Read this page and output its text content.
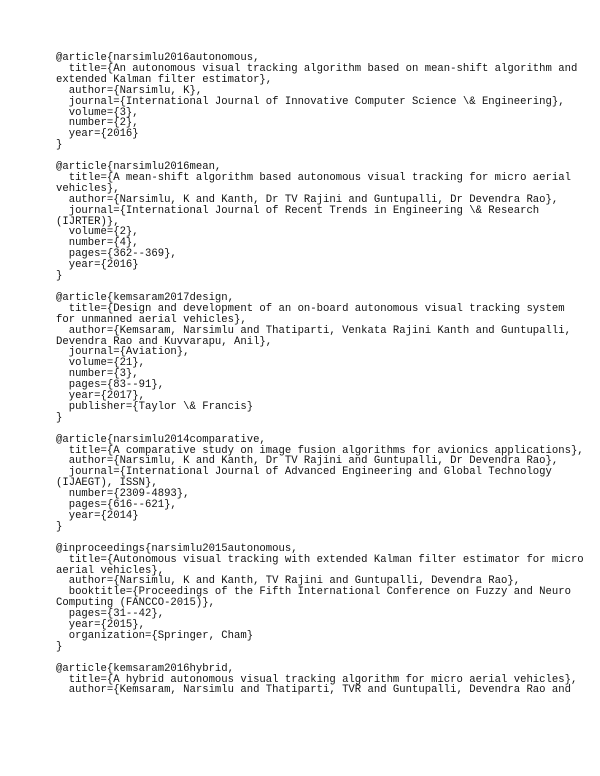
@article{narsimlu2016autonomous,
title={An autonomous visual tracking algorithm based on mean-shift algorithm and
extended Kalman filter estimator},
author={Narsimlu, K},
journal={International Journal of Innovative Computer Science \& Engineering},
volume={3},
number={2},
year={2016}
}
@article{narsimlu2016mean,
title={A mean-shift algorithm based autonomous visual tracking for micro aerial
vehicles},
author={Narsimlu, K and Kanth, Dr TV Rajini and Guntupalli, Dr Devendra Rao},
journal={International Journal of Recent Trends in Engineering \& Research
(IJRTER)},
volume={2},
number={4},
pages={362--369},
year={2016}
}
@article{kemsaram2017design,
title={Design and development of an on-board autonomous visual tracking system
for unmanned aerial vehicles},
author={Kemsaram, Narsimlu and Thatiparti, Venkata Rajini Kanth and Guntupalli,
Devendra Rao and Kuvvarapu, Anil},
journal={Aviation},
volume={21},
number={3},
pages={83--91},
year={2017},
publisher={Taylor \& Francis}
}
@article{narsimlu2014comparative,
title={A comparative study on image fusion algorithms for avionics applications},
author={Narsimlu, K and Kanth, Dr TV Rajini and Guntupalli, Dr Devendra Rao},
journal={International Journal of Advanced Engineering and Global Technology
(IJAEGT), ISSN},
number={2309-4893},
pages={616--621},
year={2014}
}
@inproceedings{narsimlu2015autonomous,
title={Autonomous visual tracking with extended Kalman filter estimator for micro
aerial vehicles},
author={Narsimlu, K and Kanth, TV Rajini and Guntupalli, Devendra Rao},
booktitle={Proceedings of the Fifth International Conference on Fuzzy and Neuro
Computing (FANCCO-2015)},
pages={31--42},
year={2015},
organization={Springer, Cham}
}
@article{kemsaram2016hybrid,
title={A hybrid autonomous visual tracking algorithm for micro aerial vehicles},
author={Kemsaram, Narsimlu and Thatiparti, TVR and Guntupalli, Devendra Rao and
